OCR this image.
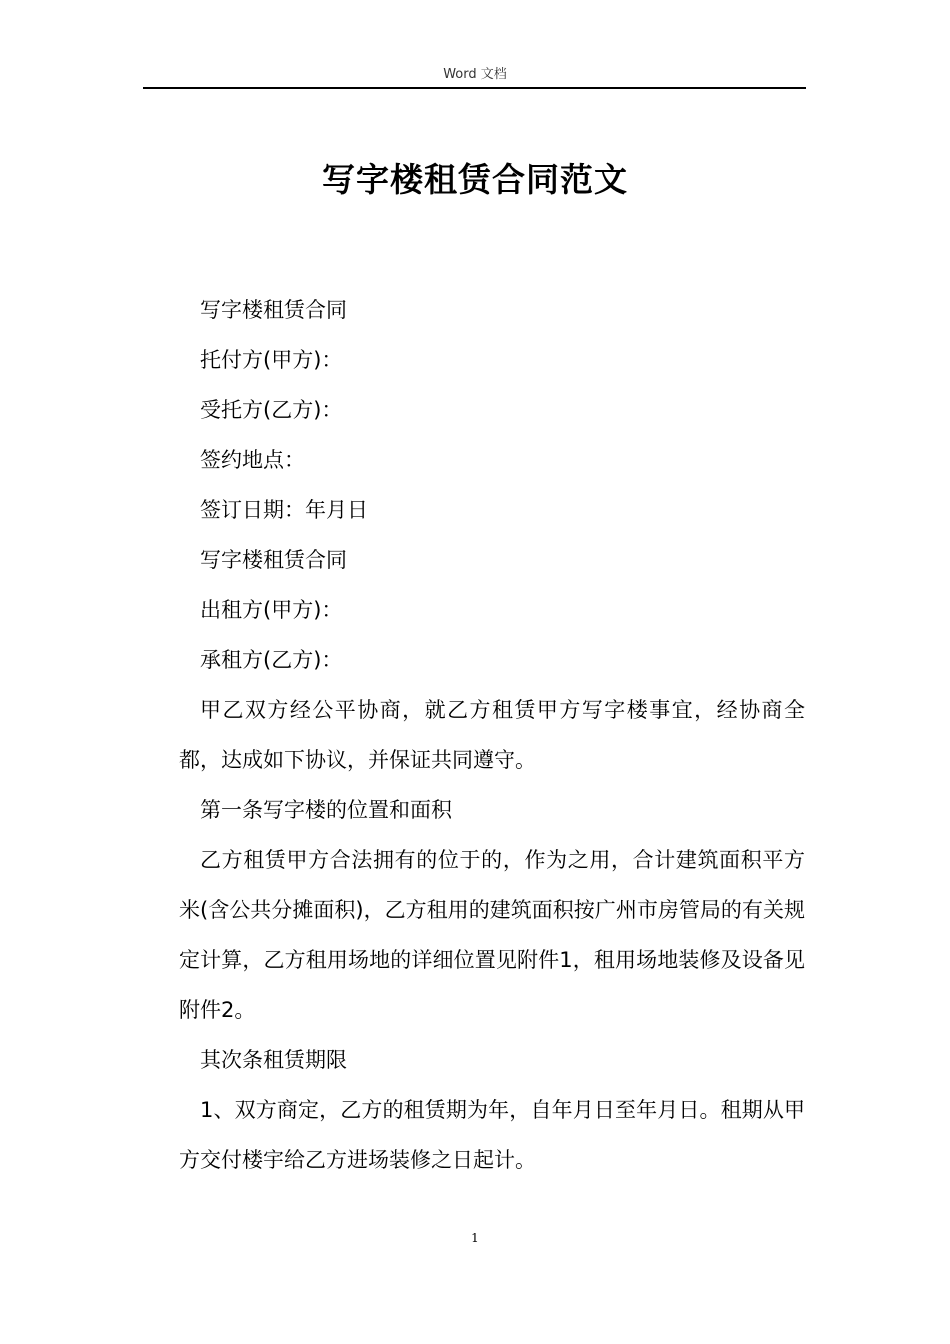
Word 文档
写字楼租赁合同范文

写字楼租赁合同

托付方(甲方)：

受托方(乙方)：

签约地点：

签订日期：年月日

写字楼租赁合同

出租方(甲方)：

承租方(乙方)：

甲乙双方经公平协商，就乙方租赁甲方写字楼事宜，经协商全都，达成如下协议，并保证共同遵守。

第一条写字楼的位置和面积

乙方租赁甲方合法拥有的位于的，作为之用，合计建筑面积平方米(含公共分摊面积)，乙方租用的建筑面积按广州市房管局的有关规定计算，乙方租用场地的详细位置见附件1，租用场地装修及设备见附件2。

其次条租赁期限

1、双方商定，乙方的租赁期为年，自年月日至年月日。租期从甲方交付楼宇给乙方进场装修之日起计。

1
